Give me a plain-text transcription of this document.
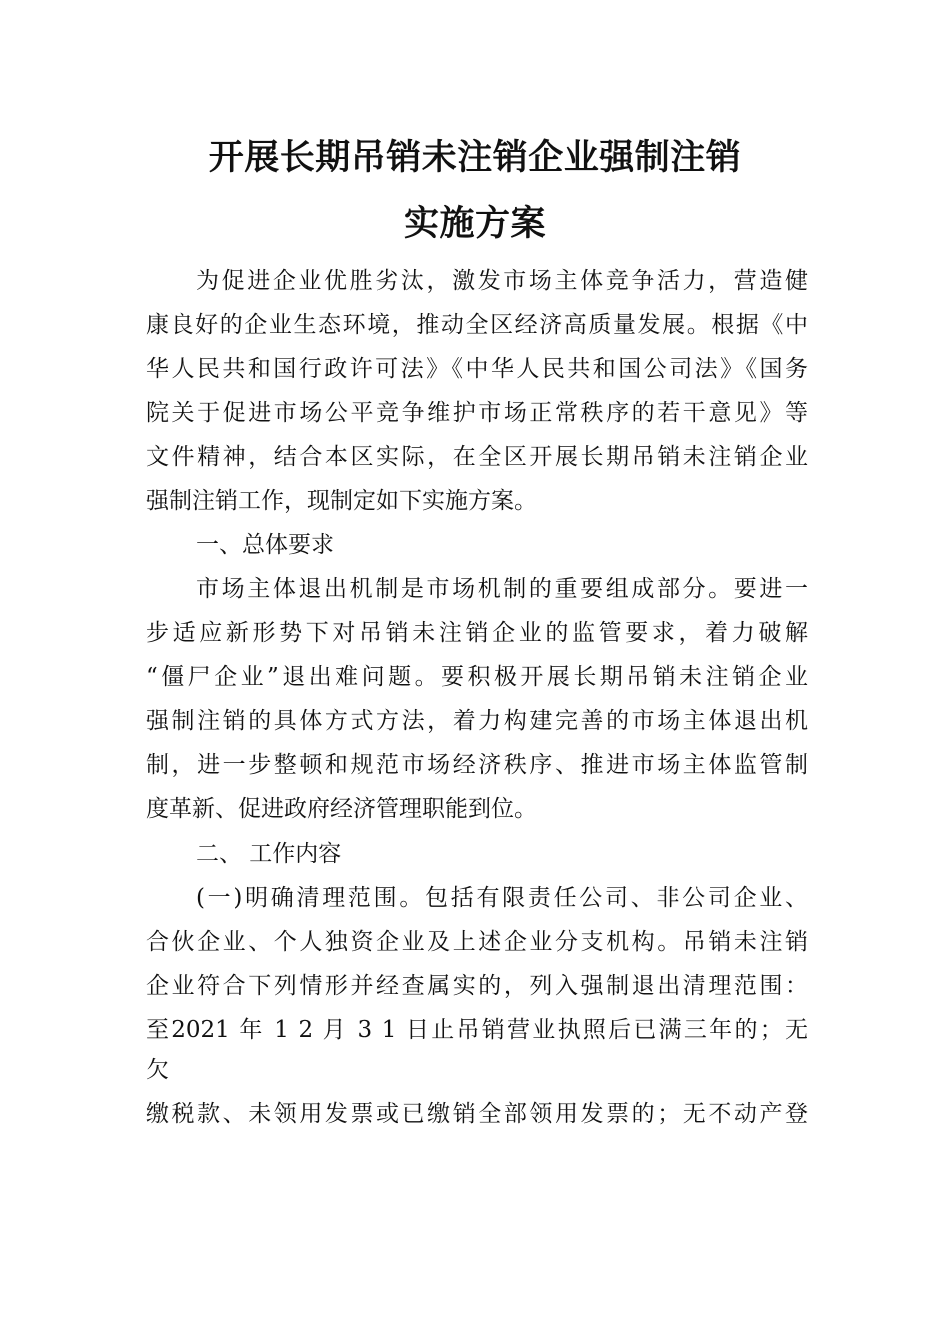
开展长期吊销未注销企业强制注销
实施方案
为促进企业优胜劣汰，激发市场主体竞争活力，营造健
康良好的企业生态环境，推动全区经济高质量发展。根据《中
华人民共和国行政许可法》《中华人民共和国公司法》《国务
院关于促进市场公平竞争维护市场正常秩序的若干意见》等
文件精神，结合本区实际，在全区开展长期吊销未注销企业
强制注销工作，现制定如下实施方案。
一、总体要求
市场主体退出机制是市场机制的重要组成部分。要进一
步适应新形势下对吊销未注销企业的监管要求，着力破解
“僵尸企业”退出难问题。要积极开展长期吊销未注销企业
强制注销的具体方式方法，着力构建完善的市场主体退出机
制，进一步整顿和规范市场经济秩序、推进市场主体监管制
度革新、促进政府经济管理职能到位。
二、 工作内容
(一)明确清理范围。包括有限责任公司、非公司企业、
合伙企业、个人独资企业及上述企业分支机构。吊销未注销
企业符合下列情形并经查属实的，列入强制退出清理范围：
至2021 年 1 2 月 3 1 日止吊销营业执照后已满三年的；无
欠
缴税款、未领用发票或已缴销全部领用发票的；无不动产登
